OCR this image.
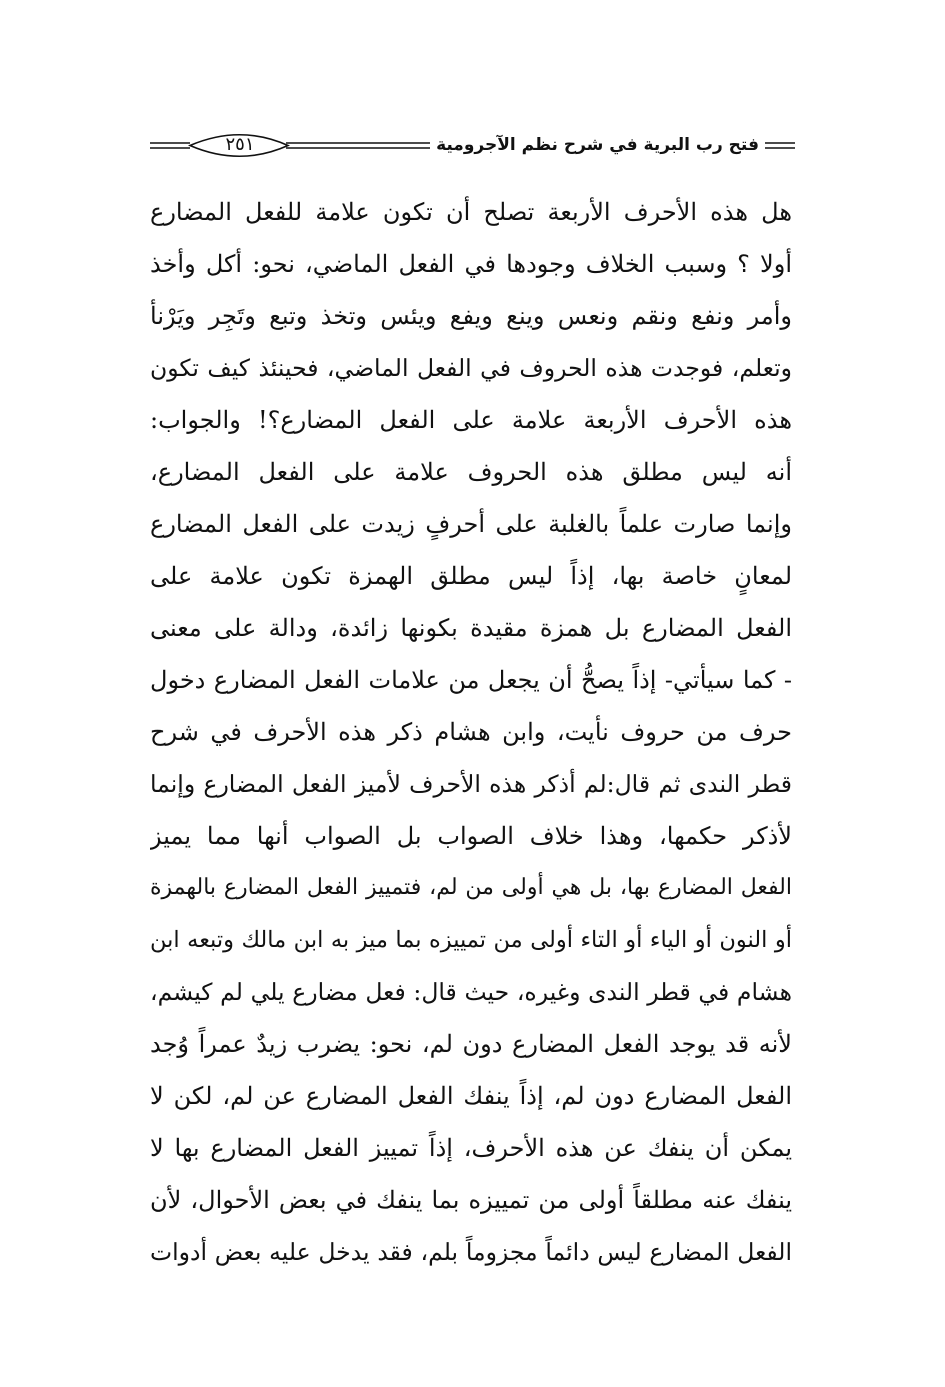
فتح رب البرية في شرح نظم الآجرومية
٢٥١
هل هذه الأحرف الأربعة تصلح أن تكون علامة للفعل المضارع
أولا ؟ وسبب الخلاف وجودها في الفعل الماضي، نحو: أكل وأخذ
وأمر ونفع ونقم ونعس وينع ويفع ويئس وتخذ وتبع وتَجِر ويَرْنأ
وتعلم، فوجدت هذه الحروف في الفعل الماضي، فحينئذ كيف تكون
هذه الأحرف الأربعة علامة على الفعل المضارع؟! والجواب:
أنه ليس مطلق هذه الحروف علامة على الفعل المضارع،
وإنما صارت علماً بالغلبة على أحرفٍ زيدت على الفعل المضارع
لمعانٍ خاصة بها، إذاً ليس مطلق الهمزة تكون علامة على
الفعل المضارع بل همزة مقيدة بكونها زائدة، ودالة على معنى
- كما سيأتي- إذاً يصحُّ أن يجعل من علامات الفعل المضارع دخول
حرف من حروف نأيت، وابن هشام ذكر هذه الأحرف في شرح
قطر الندى ثم قال:لم أذكر هذه الأحرف لأميز الفعل المضارع وإنما
لأذكر حكمها، وهذا خلاف الصواب بل الصواب أنها مما يميز
الفعل المضارع بها، بل هي أولى من لم، فتمييز الفعل المضارع بالهمزة
أو النون أو الياء أو التاء أولى من تمييزه بما ميز به ابن مالك وتبعه ابن
هشام في قطر الندى وغيره، حيث قال: فعل مضارع يلي لم كيشم،
لأنه قد يوجد الفعل المضارع دون لم، نحو: يضرب زيدٌ عمراً وُجد
الفعل المضارع دون لم، إذاً ينفك الفعل المضارع عن لم، لكن لا
يمكن أن ينفك عن هذه الأحرف، إذاً تمييز الفعل المضارع بها لا
ينفك عنه مطلقاً أولى من تمييزه بما ينفك في بعض الأحوال، لأن
الفعل المضارع ليس دائماً مجزوماً بلم، فقد يدخل عليه بعض أدوات
